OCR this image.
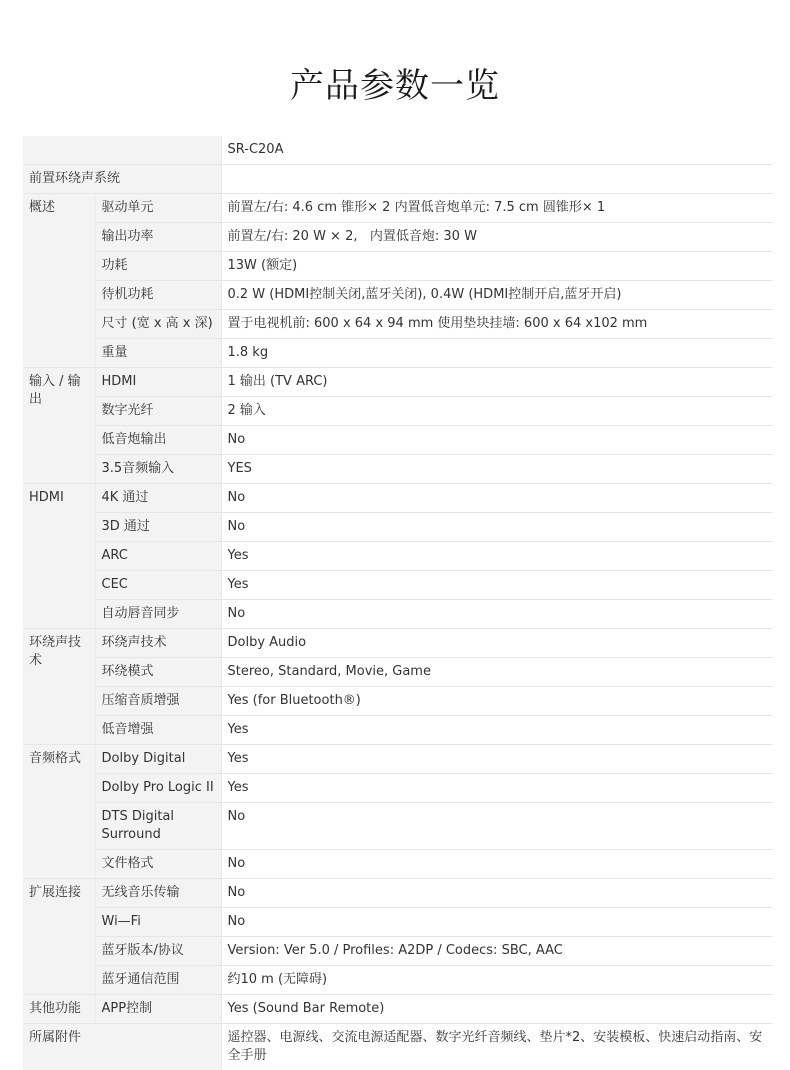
产品参数一览
		SR-C20A
前置环绕声系统		
概述	驱动单元	前置左/右: 4.6 cm 锥形× 2 内置低音炮单元: 7.5 cm 圆锥形× 1
	输出功率	前置左/右: 20 W × 2,   内置低音炮: 30 W
	功耗	13W (额定)
	待机功耗	0.2 W (HDMI控制关闭,蓝牙关闭), 0.4W (HDMI控制开启,蓝牙开启)
	尺寸 (宽 x 高 x 深)	置于电视机前: 600 x 64 x 94 mm 使用垫块挂墙: 600 x 64 x102 mm
	重量	1.8 kg
输入 / 输出	HDMI	1 输出 (TV ARC)
	数字光纤	2 输入
	低音炮输出	No
	3.5音频输入	YES
HDMI	4K 通过	No
	3D 通过	No
	ARC	Yes
	CEC	Yes
	自动唇音同步	No
环绕声技术	环绕声技术	Dolby Audio
	环绕模式	Stereo, Standard, Movie, Game
	压缩音质增强	Yes (for Bluetooth®)
	低音增强	Yes
音频格式	Dolby Digital	Yes
	Dolby Pro Logic II	Yes
	DTS Digital Surround	No
	文件格式	No
扩展连接	无线音乐传输	No
	Wi—Fi	No
	蓝牙版本/协议	Version: Ver 5.0 / Profiles: A2DP / Codecs: SBC, AAC
	蓝牙通信范围	约10 m (无障碍)
其他功能	APP控制	Yes (Sound Bar Remote)
所属附件		遥控器、电源线、交流电源适配器、数字光纤音频线、垫片*2、安装模板、快速启动指南、安全手册
